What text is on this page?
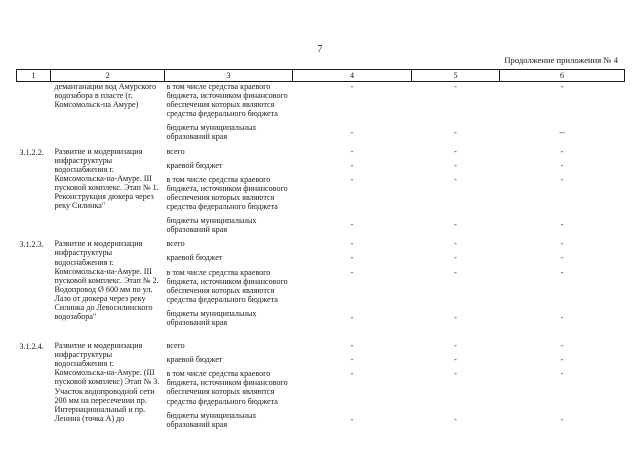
7
Продолжение приложения № 4
1	2	3	4	5	6
	деманганации вод Амурского водозабора в пласте (г. Комсомольск-на Амуре)	в том числе средства краевого бюджета, источником финансового обеспечения которых являются средства федерального бюджета	-	-	-
		бюджеты муниципальных образований края	-	-	--
3.1.2.2.	Развитие и модернизация инфраструктуры водоснабжения г. Комсомольска-на-Амуре. III пусковой комплекс. Этап № 1. Реконструкция дюкера через реку Силинка"	всего	-	-	-
		краевой бюджет	-	-	-
		в том числе средства краевого бюджета, источником финансового обеспечения которых являются средства федерального бюджета	-	-	-
		бюджеты муниципальных образований края	-	-	-
3.1.2.3.	Развитие и модернизация инфраструктуры водоснабжения г. Комсомольска-на-Амуре. III пусковой комплекс. Этап № 2. Водопровод Ø 600 мм по ул. Лазо от дюкера через реку Силинка до Левосилинского водозабора"	всего	-	-	-
		краевой бюджет	-	-	-
		в том числе средства краевого бюджета, источником финансового обеспечения которых являются средства федерального бюджета	-	-	-
		бюджеты муниципальных образований края	-	-	-
3.1.2.4.	Развитие и модернизация инфраструктуры водоснабжения г. Комсомольска-на-Амуре. (III пусковой комплекс) Этап № 3. Участок водопроводной сети 200 мм на пересечении пр. Интернациональный и пр. Ленина (точка А) до	всего	-	-	-
		краевой бюджет	-	-	-
		в том числе средства краевого бюджета, источником финансового обеспечения которых являются средства федерального бюджета	-	-	-
		бюджеты муниципальных образований края	-	-	-
